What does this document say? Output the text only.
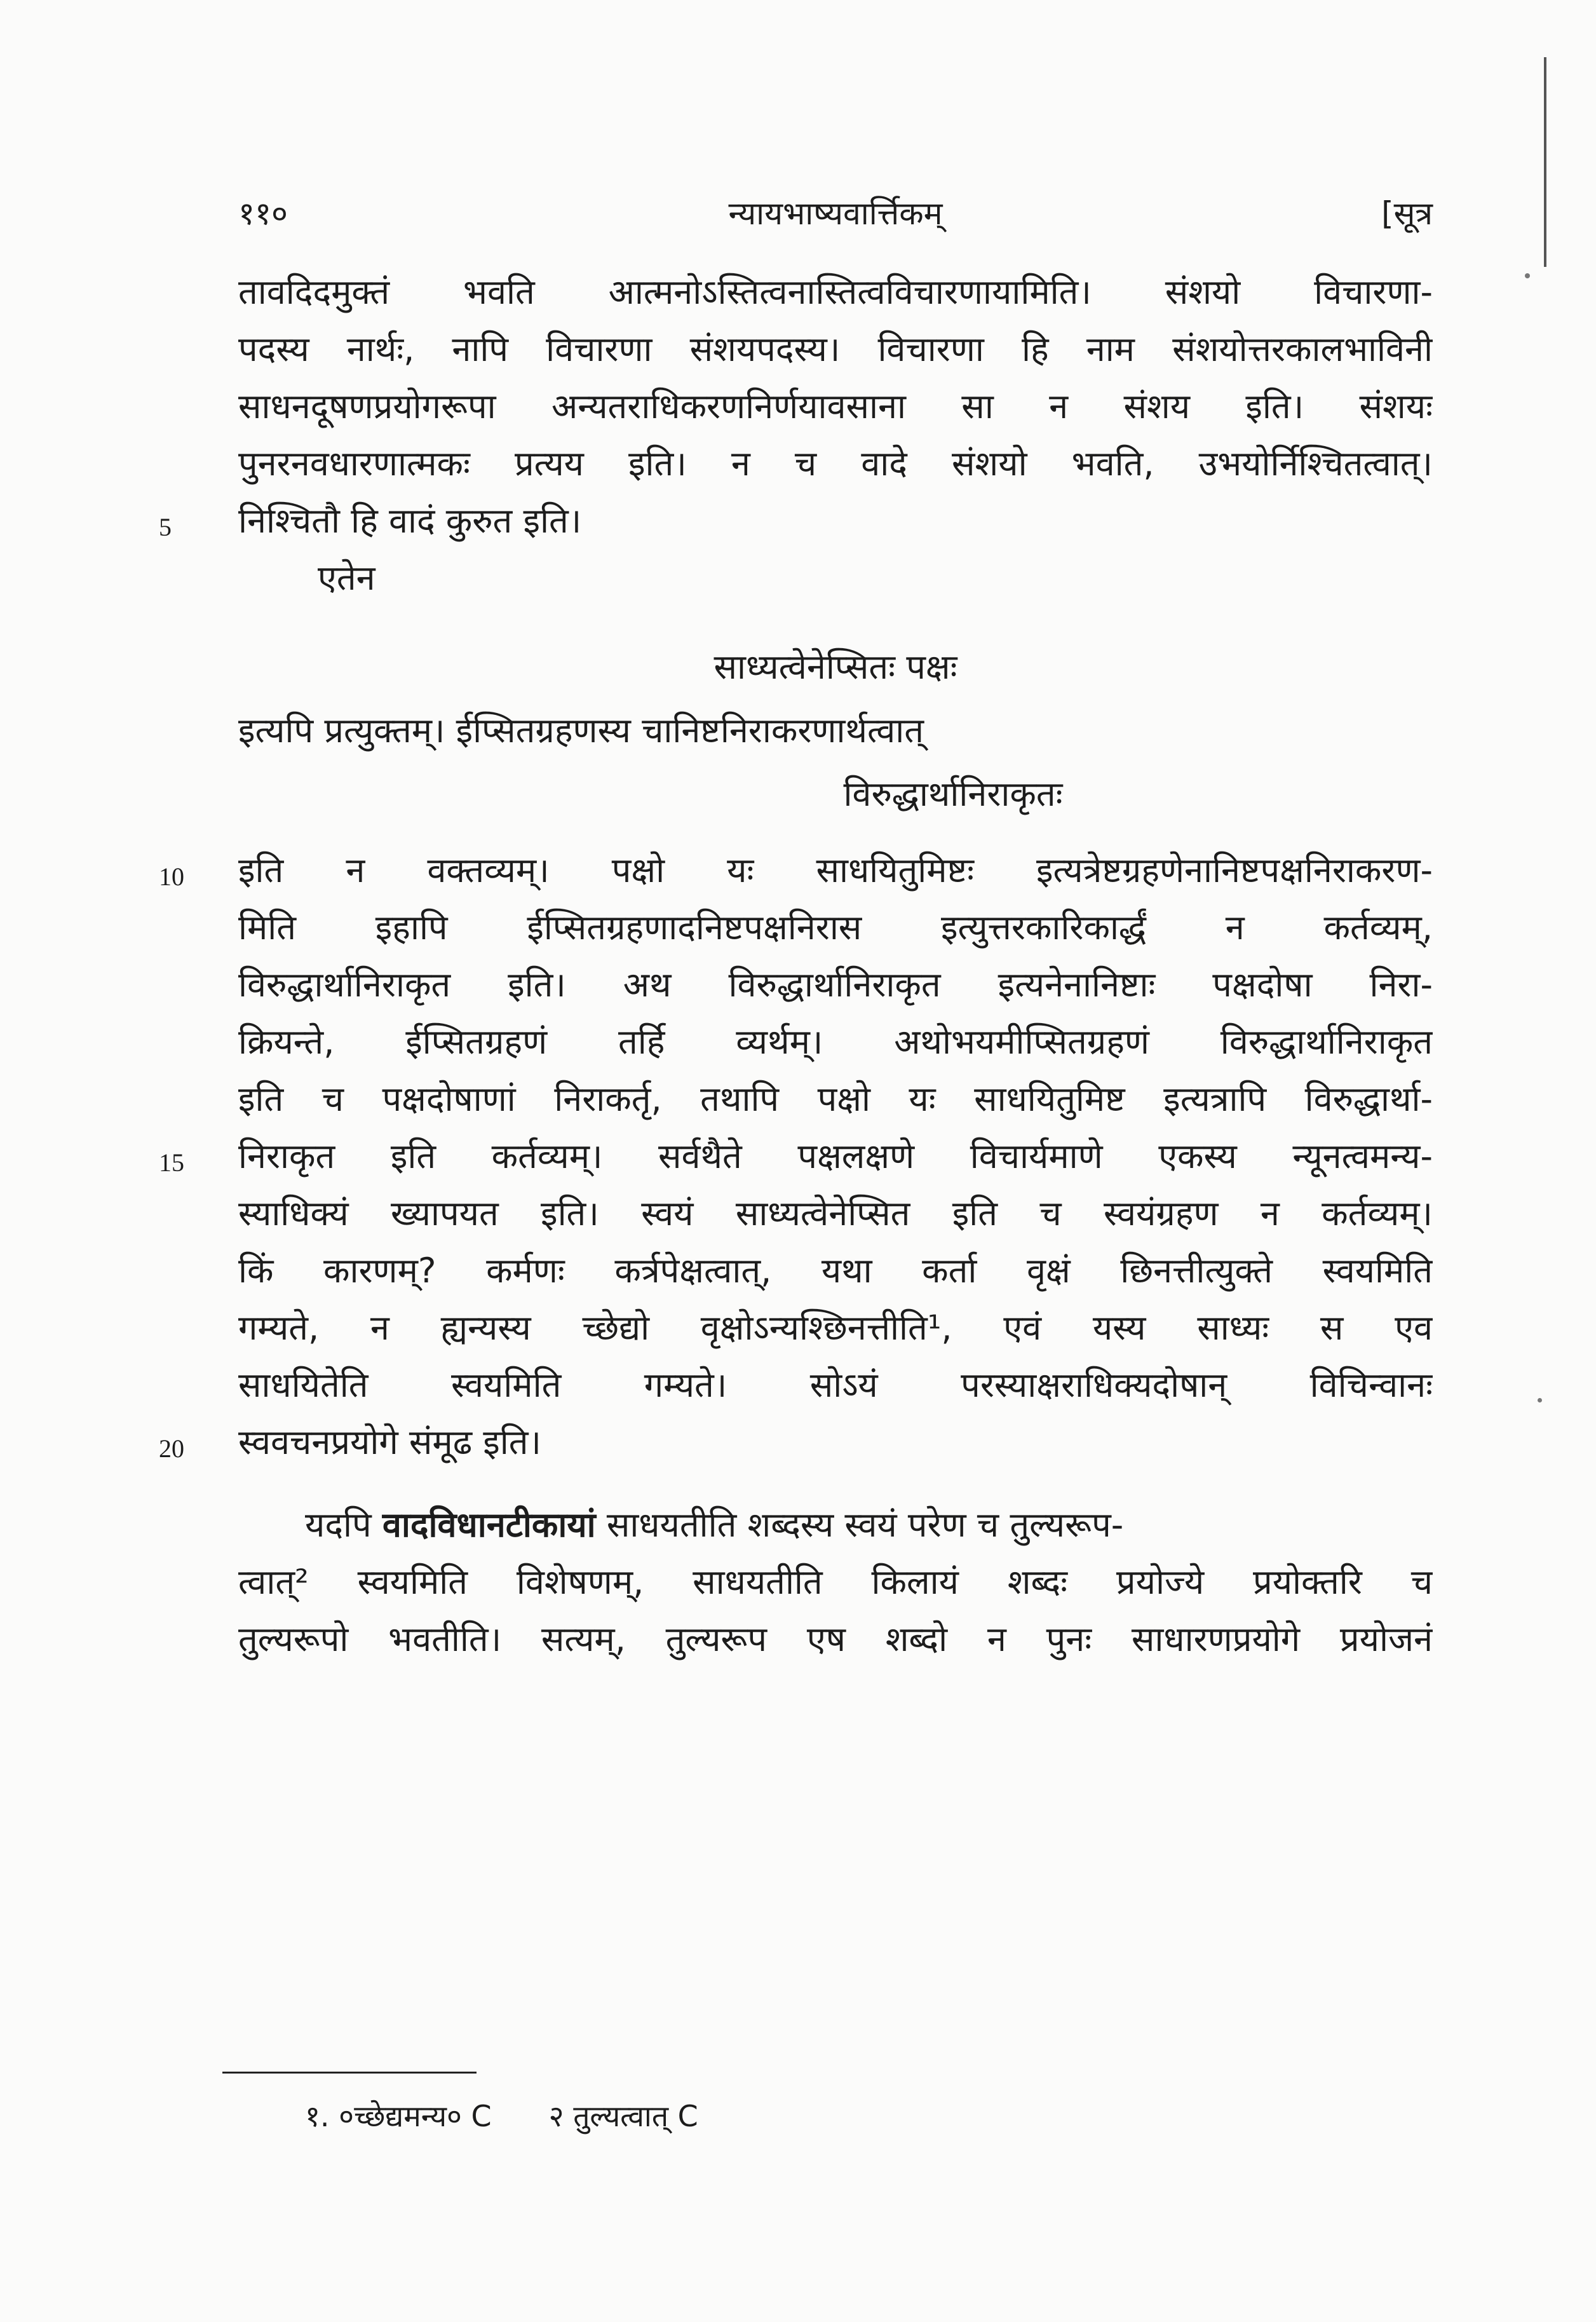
११०	न्यायभाष्यवार्त्तिकम्	[सूत्र
तावदिदमुक्तं भवति आत्मनोऽस्तित्वनास्तित्वविचारणायामिति। संशयो विचारणा-
पदस्य नार्थः, नापि विचारणा संशयपदस्य। विचारणा हि नाम संशयोत्तरकालभाविनी
साधनदूषणप्रयोगरूपा अन्यतराधिकरणनिर्णयावसाना सा न संशय इति। संशयः
पुनरनवधारणात्मकः प्रत्यय इति। न च वादे संशयो भवति, उभयोर्निश्चितत्वात्।
निश्चितौ हि वादं कुरुत इति।
5
एतेन
साध्यत्वेनेप्सितः पक्षः
इत्यपि प्रत्युक्तम्। ईप्सितग्रहणस्य चानिष्टनिराकरणार्थत्वात्
विरुद्धार्थानिराकृतः
इति न वक्तव्यम्। पक्षो यः साधयितुमिष्टः इत्यत्रेष्टग्रहणेनानिष्टपक्षनिराकरण-
10
मिति इहापि ईप्सितग्रहणादनिष्टपक्षनिरास इत्युत्तरकारिकार्द्धं न कर्तव्यम्,
विरुद्धार्थानिराकृत इति। अथ विरुद्धार्थानिराकृत इत्यनेनानिष्टाः पक्षदोषा निरा-
क्रियन्ते, ईप्सितग्रहणं तर्हि व्यर्थम्। अथोभयमीप्सितग्रहणं विरुद्धार्थानिराकृत
इति च पक्षदोषाणां निराकर्तृ, तथापि पक्षो यः साधयितुमिष्ट इत्यत्रापि विरुद्धार्था-
निराकृत इति कर्तव्यम्। सर्वथैते पक्षलक्षणे विचार्यमाणे एकस्य न्यूनत्वमन्य-
15
स्याधिक्यं ख्यापयत इति। स्वयं साध्यत्वेनेप्सित इति च स्वयंग्रहण न कर्तव्यम्।
किं कारणम्? कर्मणः कर्त्रपेक्षत्वात्, यथा कर्ता वृक्षं छिनत्तीत्युक्ते स्वयमिति
गम्यते, न ह्यन्यस्य च्छेद्यो वृक्षोऽन्यश्छिनत्तीति¹, एवं यस्य साध्यः स एव
साधयितेति स्वयमिति गम्यते। सोऽयं परस्याक्षराधिक्यदोषान् विचिन्वानः
स्ववचनप्रयोगे संमूढ इति।
20
यदपि वादविधानटीकायां साधयतीति शब्दस्य स्वयं परेण च तुल्यरूप-
त्वात्² स्वयमिति विशेषणम्, साधयतीति किलायं शब्दः प्रयोज्ये प्रयोक्तरि च
तुल्यरूपो भवतीति। सत्यम्, तुल्यरूप एष शब्दो न पुनः साधारणप्रयोगे प्रयोजनं
१. ०च्छेद्यमन्य० C २ तुल्यत्वात् C
